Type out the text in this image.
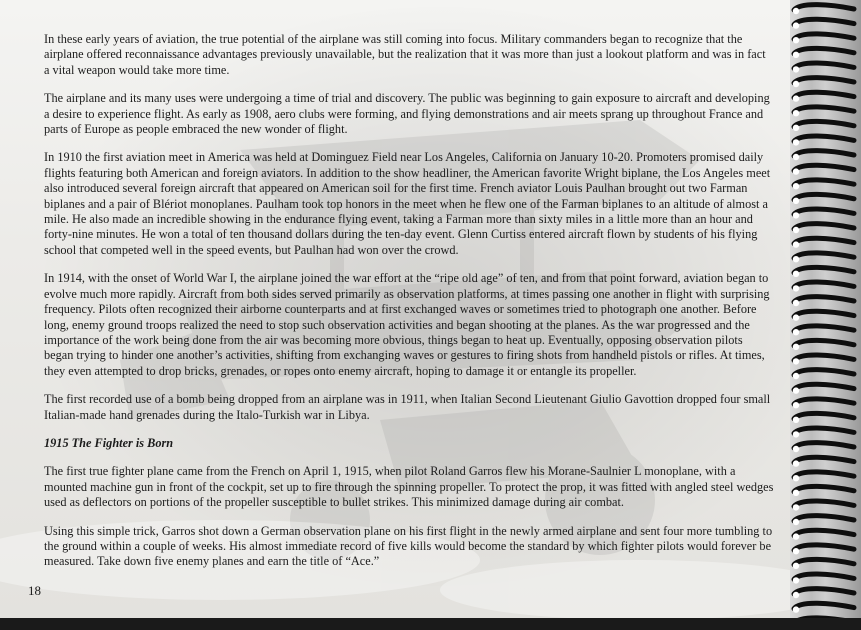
In these early years of aviation, the true potential of the airplane was still coming into focus. Military commanders began to recognize that the airplane offered reconnaissance advantages previously unavailable, but the realization that it was more than just a lookout platform and was in fact a vital weapon would take more time.

The airplane and its many uses were undergoing a time of trial and discovery. The public was beginning to gain exposure to aircraft and developing a desire to experience flight. As early as 1908, aero clubs were forming, and flying demonstrations and air meets sprang up throughout France and parts of Europe as people embraced the new wonder of flight.

In 1910 the first aviation meet in America was held at Dominguez Field near Los Angeles, California on January 10-20. Promoters promised daily flights featuring both American and foreign aviators. In addition to the show headliner, the American favorite Wright biplane, the Los Angeles meet also introduced several foreign aircraft that appeared on American soil for the first time. French aviator Louis Paulhan brought out two Farman biplanes and a pair of Blériot monoplanes. Paulham took top honors in the meet when he flew one of the Farman biplanes to an altitude of almost a mile. He also made an incredible showing in the endurance flying event, taking a Farman more than sixty miles in a little more than an hour and forty-nine minutes. He won a total of ten thousand dollars during the ten-day event. Glenn Curtiss entered aircraft flown by students of his flying school that competed well in the speed events, but Paulhan had won over the crowd.

In 1914, with the onset of World War I, the airplane joined the war effort at the “ripe old age” of ten, and from that point forward, aviation began to evolve much more rapidly. Aircraft from both sides served primarily as observation platforms, at times passing one another in flight with surprising frequency. Pilots often recognized their airborne counterparts and at first exchanged waves or sometimes tried to photograph one another. Before long, enemy ground troops realized the need to stop such observation activities and began shooting at the planes. As the war progressed and the importance of the work being done from the air was becoming more obvious, things began to heat up. Eventually, opposing observation pilots began trying to hinder one another’s activities, shifting from exchanging waves or gestures to firing shots from handheld pistols or rifles. At times, they even attempted to drop bricks, grenades, or ropes onto enemy aircraft, hoping to damage it or entangle its propeller.

The first recorded use of a bomb being dropped from an airplane was in 1911, when Italian Second Lieutenant Giulio Gavottion dropped four small Italian-made hand grenades during the Italo-Turkish war in Libya.

1915 The Fighter is Born

The first true fighter plane came from the French on April 1, 1915, when pilot Roland Garros flew his Morane-Saulnier L monoplane, with a mounted machine gun in front of the cockpit, set up to fire through the spinning propeller. To protect the prop, it was fitted with angled steel wedges used as deflectors on portions of the propeller susceptible to bullet strikes. This minimized damage during air combat.

Using this simple trick, Garros shot down a German observation plane on his first flight in the newly armed airplane and sent four more tumbling to the ground within a couple of weeks. His almost immediate record of five kills would become the standard by which fighter pilots would forever be measured. Take down five enemy planes and earn the title of “Ace.”

18
